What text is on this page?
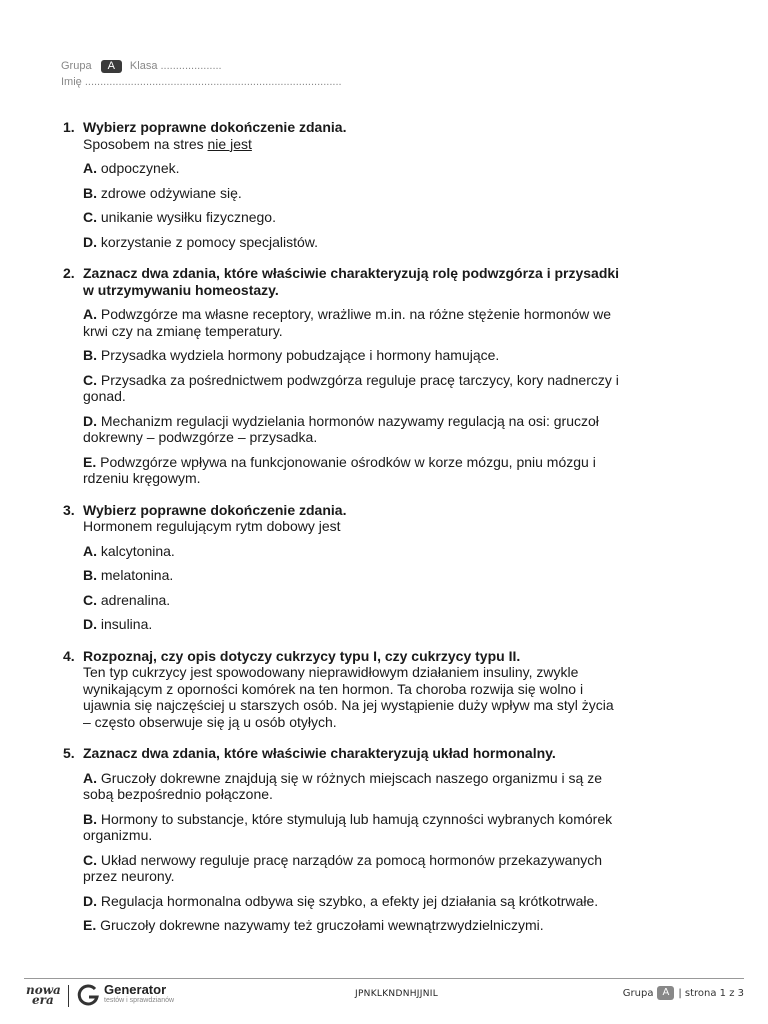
Grupa	A	Klasa ....................
Imię ....................................................................................
1. Wybierz poprawne dokończenie zdania.
Sposobem na stres nie jest
A. odpoczynek.
B. zdrowe odżywiane się.
C. unikanie wysiłku fizycznego.
D. korzystanie z pomocy specjalistów.
2. Zaznacz dwa zdania, które właściwie charakteryzują rolę podwzgórza i przysadki
w utrzymywaniu homeostazy.
A. Podwzgórze ma własne receptory, wrażliwe m.in. na różne stężenie hormonów we krwi czy na zmianę temperatury.
B. Przysadka wydziela hormony pobudzające i hormony hamujące.
C. Przysadka za pośrednictwem podwzgórza reguluje pracę tarczycy, kory nadnerczy i gonad.
D. Mechanizm regulacji wydzielania hormonów nazywamy regulacją na osi: gruczoł dokrewny – podwzgórze – przysadka.
E. Podwzgórze wpływa na funkcjonowanie ośrodków w korze mózgu, pniu mózgu i rdzeniu kręgowym.
3. Wybierz poprawne dokończenie zdania.
Hormonem regulującym rytm dobowy jest
A. kalcytonina.
B. melatonina.
C. adrenalina.
D. insulina.
4. Rozpoznaj, czy opis dotyczy cukrzycy typu I, czy cukrzycy typu II.
Ten typ cukrzycy jest spowodowany nieprawidłowym działaniem insuliny, zwykle wynikającym z oporności komórek na ten hormon. Ta choroba rozwija się wolno i ujawnia się najczęściej u starszych osób. Na jej wystąpienie duży wpływ ma styl życia – często obserwuje się ją u osób otyłych.
5. Zaznacz dwa zdania, które właściwie charakteryzują układ hormonalny.
A. Gruczoły dokrewne znajdują się w różnych miejscach naszego organizmu i są ze sobą bezpośrednio połączone.
B. Hormony to substancje, które stymulują lub hamują czynności wybranych komórek organizmu.
C. Układ nerwowy reguluje pracę narządów za pomocą hormonów przekazywanych przez neurony.
D. Regulacja hormonalna odbywa się szybko, a efekty jej działania są krótkotrwałe.
E. Gruczoły dokrewne nazywamy też gruczołami wewnątrzwydzielniczymi.
nowa
era
Generator
testów i sprawdzianów
JPNKLKNDNHJJNIL	Grupa A | strona 1 z 3
